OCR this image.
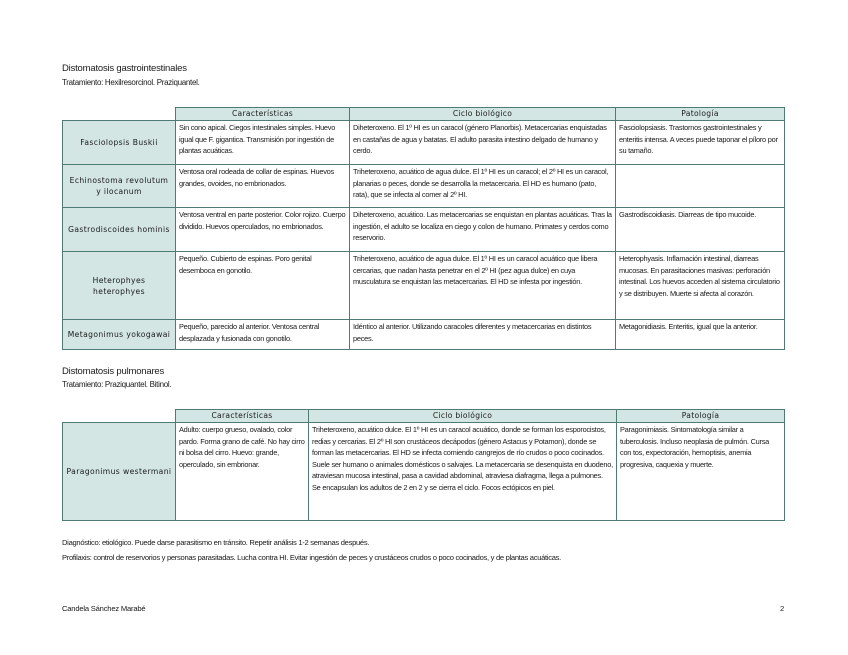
Distomatosis gastrointestinales
Tratamiento: Hexilresorcinol. Praziquantel.
	Características	Ciclo biológico	Patología
Fasciolopsis Buskii	Sin cono apical. Ciegos intestinales simples. Huevo igual que F. gigantica. Transmisión por ingestión de plantas acuáticas.	Diheteroxeno. El 1º HI es un caracol (género Planorbis). Metacercarias enquistadas en castañas de agua y batatas. El adulto parasita intestino delgado de humano y cerdo.	Fasciolopsiasis. Trastornos gastrointestinales y enteritis intensa. A veces puede taponar el píloro por su tamaño.
Echinostoma revolutum y ilocanum	Ventosa oral rodeada de collar de espinas. Huevos grandes, ovoides, no embrionados.	Triheteroxeno, acuático de agua dulce. El 1º HI es un caracol; el 2º HI es un caracol, planarias o peces, donde se desarrolla la metacercaria. El HD es humano (pato, rata), que se infecta al comer al 2º HI.	
Gastrodiscoides hominis	Ventosa ventral en parte posterior. Color rojizo. Cuerpo dividido. Huevos operculados, no embrionados.	Diheteroxeno, acuático. Las metacercarias se enquistan en plantas acuáticas. Tras la ingestión, el adulto se localiza en ciego y colon de humano. Primates y cerdos como reservorio.	Gastrodiscoidiasis. Diarreas de tipo mucoide.
Heterophyes heterophyes	Pequeño. Cubierto de espinas. Poro genital desemboca en gonotilo.	Triheteroxeno, acuático de agua dulce. El 1º HI es un caracol acuático que libera cercarias, que nadan hasta penetrar en el 2º HI (pez agua dulce) en cuya musculatura se enquistan las metacercarias. El HD se infesta por ingestión.	Heterophyasis. Inflamación intestinal, diarreas mucosas. En parasitaciones masivas: perforación intestinal. Los huevos acceden al sistema circulatorio y se distribuyen. Muerte si afecta al corazón.
Metagonimus yokogawai	Pequeño, parecido al anterior. Ventosa central desplazada y fusionada con gonotilo.	Idéntico al anterior. Utilizando caracoles diferentes y metacercarias en distintos peces.	Metagonidiasis. Enteritis, igual que la anterior.
Distomatosis pulmonares
Tratamiento: Praziquantel. Bitinol.
	Características	Ciclo biológico	Patología
Paragonimus westermani	Adulto: cuerpo grueso, ovalado, color pardo. Forma grano de café. No hay cirro ni bolsa del cirro. Huevo: grande, operculado, sin embrionar.	Triheteroxeno, acuático dulce. El 1º HI es un caracol acuático, donde se forman los esporocistos, redias y cercarias. El 2º HI son crustáceos decápodos (género Astacus y Potamon), donde se forman las metacercarias. El HD se infecta comiendo cangrejos de río crudos o poco cocinados. Suele ser humano o animales domésticos o salvajes. La metacercaria se desenquista en duodeno, atraviesan mucosa intestinal, pasa a cavidad abdominal, atraviesa diafragma, llega a pulmones. Se encapsulan los adultos de 2 en 2 y se cierra el ciclo. Focos ectópicos en piel.	Paragonimiasis. Sintomatología similar a tuberculosis. Incluso neoplasia de pulmón. Cursa con tos, expectoración, hemoptisis, anemia progresiva, caquexia y muerte.
Diagnóstico: etiológico. Puede darse parasitismo en tránsito. Repetir análisis 1-2 semanas después.
Profilaxis: control de reservorios y personas parasitadas. Lucha contra HI. Evitar ingestión de peces y crustáceos crudos o poco cocinados, y de plantas acuáticas.
Candela Sánchez Marabé	2
